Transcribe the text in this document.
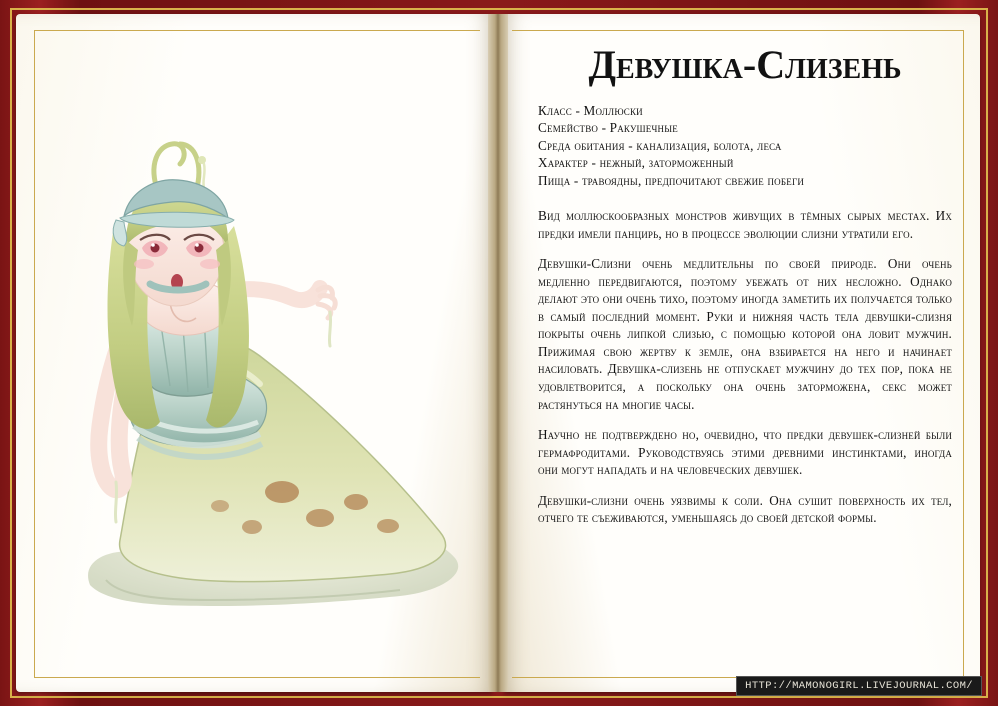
Девушка-Слизень
Класс - Моллюски
Семейство - Ракушечные
Среда обитания - канализация, болота, леса
Характер - нежный, заторможенный
Пища - травоядны, предпочитают свежие побеги

Вид моллюскообразных монстров живущих в тёмных сырых местах. Их предки имели панцирь, но в процессе эволюции слизни утратили его.

Девушки-Слизни очень медлительны по своей природе. Они очень медленно передвигаются, поэтому убежать от них несложно. Однако делают это они очень тихо, поэтому иногда заметить их получается только в самый последний момент. Руки и нижняя часть тела девушки-слизня покрыты очень липкой слизью, с помощью которой она ловит мужчин. Прижимая свою жертву к земле, она взбирается на него и начинает насиловать. Девушка-слизень не отпускает мужчину до тех пор, пока не удовлетворится, а поскольку она очень заторможена, секс может растянуться на многие часы.

Научно не подтверждено но, очевидно, что предки девушек-слизней были гермафродитами. Руководствуясь этими древними инстинктами, иногда они могут нападать и на человеческих девушек.

Девушки-слизни очень уязвимы к соли. Она сушит поверхность их тел, отчего те съеживаются, уменьшаясь до своей детской формы.

HTTP://MAMONOGIRL.LIVEJOURNAL.COM/
